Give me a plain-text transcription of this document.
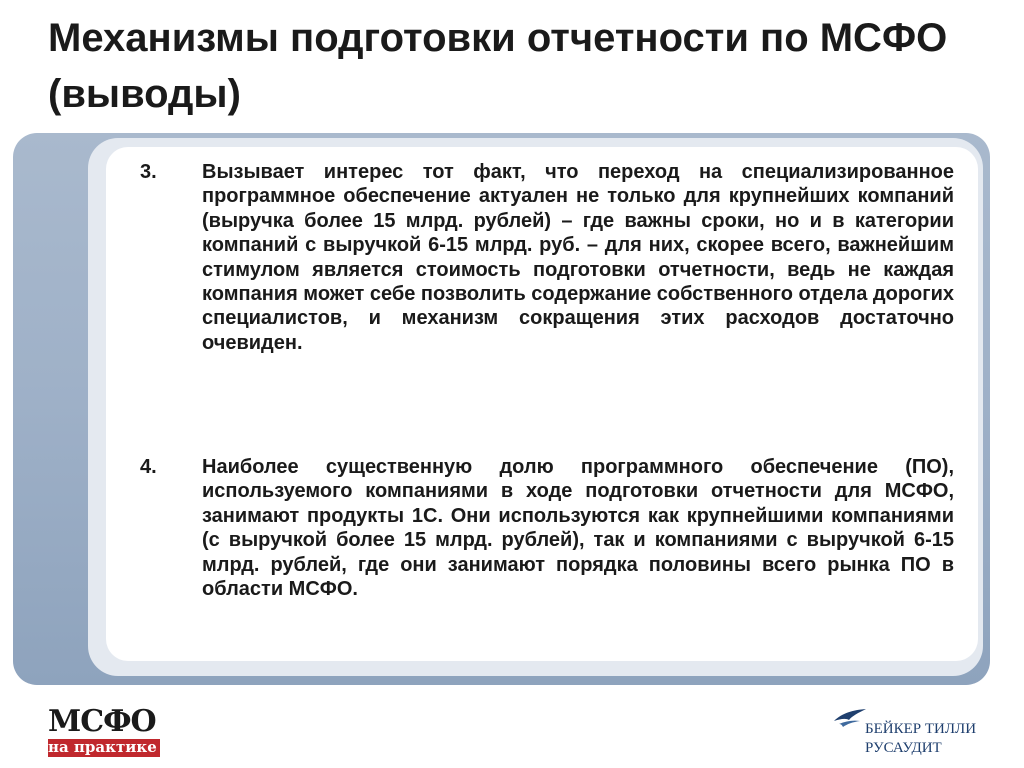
Механизмы подготовки отчетности по МСФО (выводы)
3.	Вызывает интерес тот факт, что переход на специализированное программное обеспечение актуален не только для крупнейших компаний (выручка более 15 млрд. рублей) – где важны сроки, но и в категории компаний с выручкой 6-15 млрд. руб. – для них, скорее всего, важнейшим стимулом является стоимость подготовки отчетности, ведь не каждая компания может себе позволить содержание собственного отдела дорогих специалистов, и механизм сокращения этих расходов достаточно очевиден.
4.	Наиболее существенную долю программного обеспечение (ПО), используемого компаниями в ходе подготовки отчетности для МСФО, занимают продукты 1С. Они используются как крупнейшими компаниями (с выручкой более 15 млрд. рублей), так и компаниями с выручкой 6-15 млрд. рублей, где они занимают порядка половины всего рынка ПО в области МСФО.
МСФО
на практике
БЕЙКЕР ТИЛЛИ
РУСАУДИТ
